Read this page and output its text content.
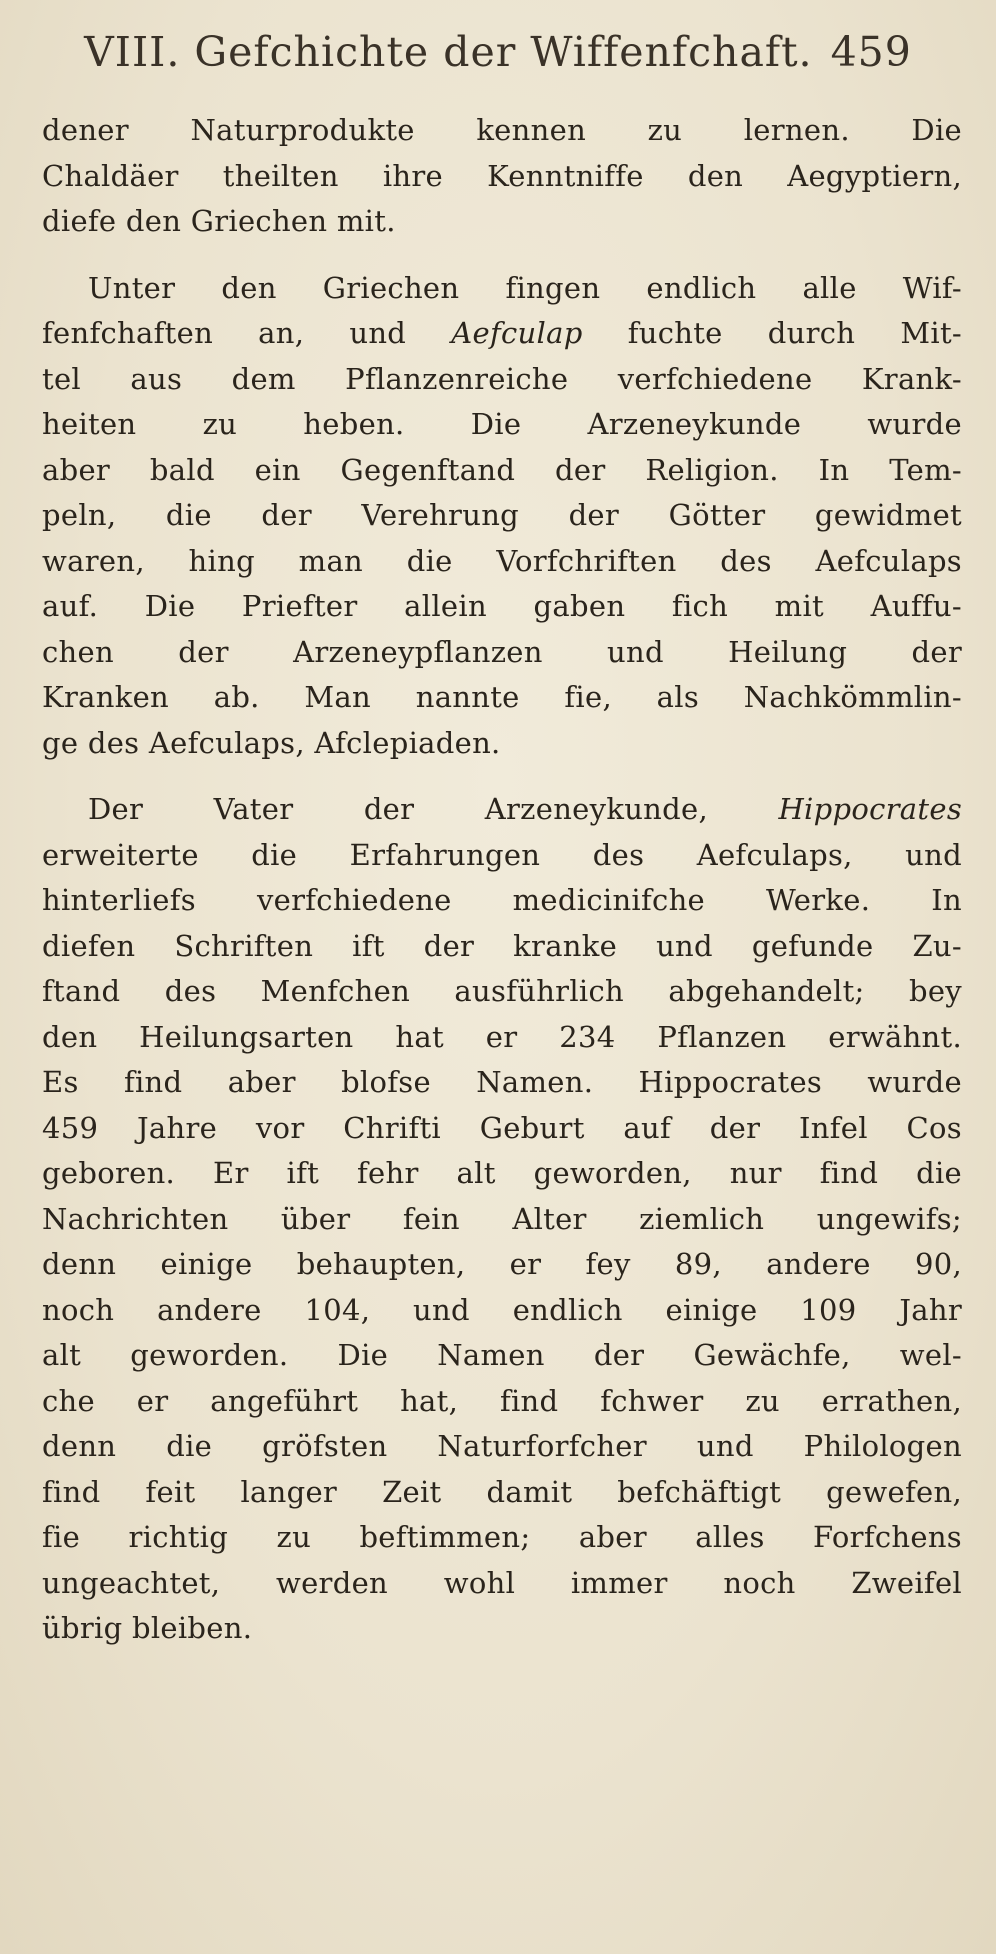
VIII. Gefchichte der Wiffenfchaft. 459
dener Naturprodukte kennen zu lernen. Die
Chaldäer theilten ihre Kenntniffe den Aegyptiern,
diefe den Griechen mit.
Unter den Griechen fingen endlich alle Wif-
fenfchaften an, und Aefculap fuchte durch Mit-
tel aus dem Pflanzenreiche verfchiedene Krank-
heiten zu heben. Die Arzeneykunde wurde
aber bald ein Gegenftand der Religion. In Tem-
peln, die der Verehrung der Götter gewidmet
waren, hing man die Vorfchriften des Aefculaps
auf. Die Priefter allein gaben fich mit Auffu-
chen der Arzeneypflanzen und Heilung der
Kranken ab. Man nannte fie, als Nachkömmlin-
ge des Aefculaps, Afclepiaden.
Der Vater der Arzeneykunde, Hippocrates
erweiterte die Erfahrungen des Aefculaps, und
hinterliefs verfchiedene medicinifche Werke. In
diefen Schriften ift der kranke und gefunde Zu-
ftand des Menfchen ausführlich abgehandelt; bey
den Heilungsarten hat er 234 Pflanzen erwähnt.
Es find aber blofse Namen. Hippocrates wurde
459 Jahre vor Chrifti Geburt auf der Infel Cos
geboren. Er ift fehr alt geworden, nur find die
Nachrichten über fein Alter ziemlich ungewifs;
denn einige behaupten, er fey 89, andere 90,
noch andere 104, und endlich einige 109 Jahr
alt geworden. Die Namen der Gewächfe, wel-
che er angeführt hat, find fchwer zu errathen,
denn die gröfsten Naturforfcher und Philologen
find feit langer Zeit damit befchäftigt gewefen,
fie richtig zu beftimmen; aber alles Forfchens
ungeachtet, werden wohl immer noch Zweifel
übrig bleiben.
